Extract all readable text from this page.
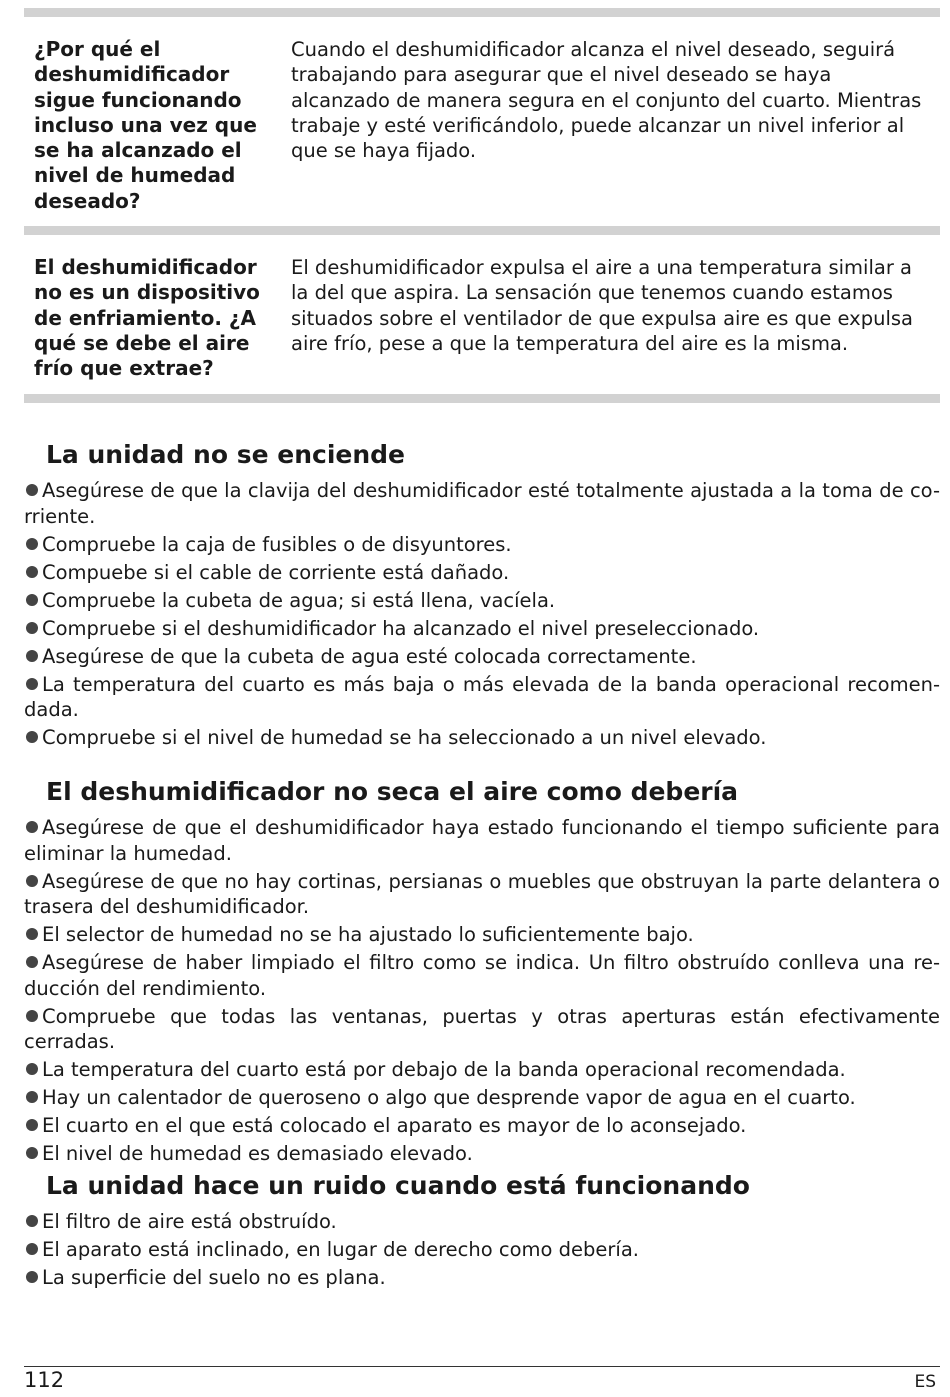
¿Por qué el deshumidificador sigue funcionando incluso una vez que se ha alcanzado el nivel de humedad deseado?
Cuando el deshumidificador alcanza el nivel deseado, seguirá trabajando para asegurar que el nivel deseado se haya alcanzado de manera segura en el conjunto del cuarto. Mientras trabaje y esté verificándolo, puede alcanzar un nivel inferior al que se haya fijado.
El deshumidificador no es un dispositivo de enfriamiento. ¿A qué se debe el aire frío que extrae?
El deshumidificador expulsa el aire a una temperatura similar a la del que aspira. La sensación que tenemos cuando estamos situados sobre el ventilador de que expulsa aire es que expulsa aire frío, pese a que la temperatura del aire es la misma.
La unidad no se enciende
Asegúrese de que la clavija del deshumidificador esté totalmente ajustada a la toma de co-rriente.
Compruebe la caja de fusibles o de disyuntores.
Compuebe si el cable de corriente está dañado.
Compruebe la cubeta de agua; si está llena, vacíela.
Compruebe si el deshumidificador ha alcanzado el nivel preseleccionado.
Asegúrese de que la cubeta de agua esté colocada correctamente.
La temperatura del cuarto es más baja o más elevada de la banda operacional recomen-dada.
Compruebe si el nivel de humedad se ha seleccionado a un nivel elevado.
El deshumidificador no seca el aire como debería
Asegúrese de que el deshumidificador haya estado funcionando el tiempo suficiente para eliminar la humedad.
Asegúrese de que no hay cortinas, persianas o muebles que obstruyan la parte delantera o trasera del deshumidificador.
El selector de humedad no se ha ajustado lo suficientemente bajo.
Asegúrese de haber limpiado el filtro como se indica. Un filtro obstruído conlleva una re-ducción del rendimiento.
Compruebe que todas las ventanas, puertas y otras aperturas están efectivamente cerradas.
La temperatura del cuarto está por debajo de la banda operacional recomendada.
Hay un calentador de queroseno o algo que desprende vapor de agua en el cuarto.
El cuarto en el que está colocado el aparato es mayor de lo aconsejado.
El nivel de humedad es demasiado elevado.
La unidad hace un ruido cuando está funcionando
El filtro de aire está obstruído.
El aparato está inclinado, en lugar de derecho como debería.
La superficie del suelo no es plana.
112	ES
